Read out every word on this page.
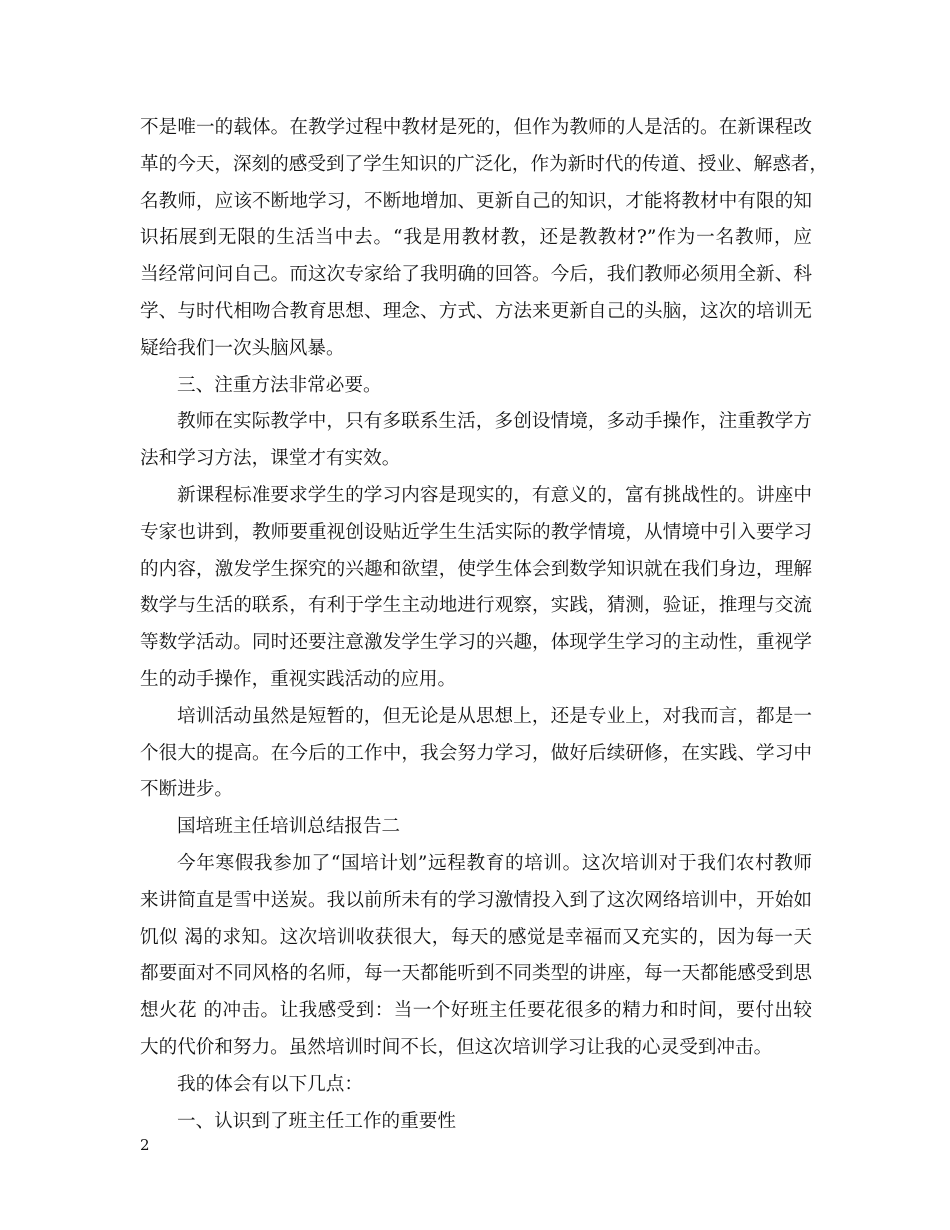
不是唯一的载体。在教学过程中教材是死的，但作为教师的人是活的。在新课程改
革的今天，深刻的感受到了学生知识的广泛化，作为新时代的传道、授业、解惑者，
名教师，应该不断地学习，不断地增加、更新自己的知识，才能将教材中有限的知
识拓展到无限的生活当中去。“我是用教材教，还是教教材?”作为一名教师，应
当经常问问自己。而这次专家给了我明确的回答。今后，我们教师必须用全新、科
学、与时代相吻合教育思想、理念、方式、方法来更新自己的头脑，这次的培训无
疑给我们一次头脑风暴。
三、注重方法非常必要。
教师在实际教学中，只有多联系生活，多创设情境，多动手操作，注重教学方
法和学习方法，课堂才有实效。
新课程标准要求学生的学习内容是现实的，有意义的，富有挑战性的。讲座中
专家也讲到，教师要重视创设贴近学生生活实际的教学情境，从情境中引入要学习
的内容，激发学生探究的兴趣和欲望，使学生体会到数学知识就在我们身边，理解
数学与生活的联系，有利于学生主动地进行观察，实践，猜测，验证，推理与交流
等数学活动。同时还要注意激发学生学习的兴趣，体现学生学习的主动性，重视学
生的动手操作，重视实践活动的应用。
培训活动虽然是短暂的，但无论是从思想上，还是专业上，对我而言，都是一
个很大的提高。在今后的工作中，我会努力学习，做好后续研修，在实践、学习中
不断进步。
国培班主任培训总结报告二
今年寒假我参加了“国培计划”远程教育的培训。这次培训对于我们农村教师
来讲简直是雪中送炭。我以前所未有的学习激情投入到了这次网络培训中，开始如
饥似 渴的求知。这次培训收获很大，每天的感觉是幸福而又充实的，因为每一天
都要面对不同风格的名师，每一天都能听到不同类型的讲座，每一天都能感受到思
想火花 的冲击。让我感受到：当一个好班主任要花很多的精力和时间，要付出较
大的代价和努力。虽然培训时间不长，但这次培训学习让我的心灵受到冲击。
我的体会有以下几点：
一、认识到了班主任工作的重要性
2
